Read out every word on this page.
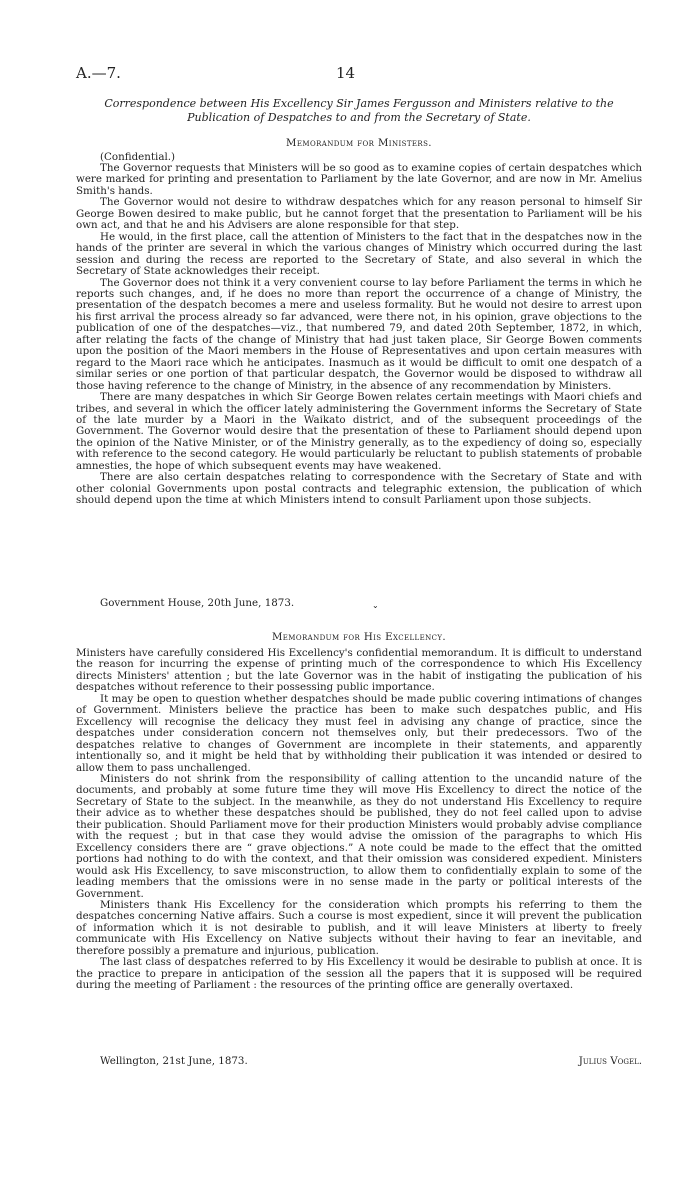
A.—7.	14
Correspondence between His Excellency Sir James Fergusson and Ministers relative to the Publication of Despatches to and from the Secretary of State.
Memorandum for Ministers.
(Confidential.)

The Governor requests that Ministers will be so good as to examine copies of certain despatches which were marked for printing and presentation to Parliament by the late Governor, and are now in Mr. Amelius Smith's hands.

The Governor would not desire to withdraw despatches which for any reason personal to himself Sir George Bowen desired to make public, but he cannot forget that the presentation to Parliament will be his own act, and that he and his Advisers are alone responsible for that step.

He would, in the first place, call the attention of Ministers to the fact that in the despatches now in the hands of the printer are several in which the various changes of Ministry which occurred during the last session and during the recess are reported to the Secretary of State, and also several in which the Secretary of State acknowledges their receipt.

The Governor does not think it a very convenient course to lay before Parliament the terms in which he reports such changes, and, if he does no more than report the occurrence of a change of Ministry, the presentation of the despatch becomes a mere and useless formality. But he would not desire to arrest upon his first arrival the process already so far advanced, were there not, in his opinion, grave objections to the publication of one of the despatches—viz., that numbered 79, and dated 20th September, 1872, in which, after relating the facts of the change of Ministry that had just taken place, Sir George Bowen comments upon the position of the Maori members in the House of Representatives and upon certain measures with regard to the Maori race which he anticipates. Inasmuch as it would be difficult to omit one despatch of a similar series or one portion of that particular despatch, the Governor would be disposed to withdraw all those having reference to the change of Ministry, in the absence of any recommendation by Ministers.

There are many despatches in which Sir George Bowen relates certain meetings with Maori chiefs and tribes, and several in which the officer lately administering the Government informs the Secretary of State of the late murder by a Maori in the Waikato district, and of the subsequent proceedings of the Government. The Governor would desire that the presentation of these to Parliament should depend upon the opinion of the Native Minister, or of the Ministry generally, as to the expediency of doing so, especially with reference to the second category. He would particularly be reluctant to publish statements of probable amnesties, the hope of which subsequent events may have weakened.

There are also certain despatches relating to correspondence with the Secretary of State and with other colonial Governments upon postal contracts and telegraphic extension, the publication of which should depend upon the time at which Ministers intend to consult Parliament upon those subjects.

Government House, 20th June, 1873.	⌄
Memorandum for His Excellency.

Ministers have carefully considered His Excellency's confidential memorandum. It is difficult to understand the reason for incurring the expense of printing much of the correspondence to which His Excellency directs Ministers' attention ; but the late Governor was in the habit of instigating the publication of his despatches without reference to their possessing public importance.

It may be open to question whether despatches should be made public covering intimations of changes of Government. Ministers believe the practice has been to make such despatches public, and His Excellency will recognise the delicacy they must feel in advising any change of practice, since the despatches under consideration concern not themselves only, but their predecessors. Two of the despatches relative to changes of Government are incomplete in their statements, and apparently intentionally so, and it might be held that by withholding their publication it was intended or desired to allow them to pass unchallenged.

Ministers do not shrink from the responsibility of calling attention to the uncandid nature of the documents, and probably at some future time they will move His Excellency to direct the notice of the Secretary of State to the subject. In the meanwhile, as they do not understand His Excellency to require their advice as to whether these despatches should be published, they do not feel called upon to advise their publication. Should Parliament move for their production Ministers would probably advise compliance with the request ; but in that case they would advise the omission of the paragraphs to which His Excellency considers there are “ grave objections.” A note could be made to the effect that the omitted portions had nothing to do with the context, and that their omission was considered expedient. Ministers would ask His Excellency, to save misconstruction, to allow them to confidentially explain to some of the leading members that the omissions were in no sense made in the party or political interests of the Government.

Ministers thank His Excellency for the consideration which prompts his referring to them the despatches concerning Native affairs. Such a course is most expedient, since it will prevent the publication of information which it is not desirable to publish, and it will leave Ministers at liberty to freely communicate with His Excellency on Native subjects without their having to fear an inevitable, and therefore possibly a premature and injurious, publication.

The last class of despatches referred to by His Excellency it would be desirable to publish at once. It is the practice to prepare in anticipation of the session all the papers that it is supposed will be required during the meeting of Parliament : the resources of the printing office are generally overtaxed.

Wellington, 21st June, 1873.	Julius Vogel.
